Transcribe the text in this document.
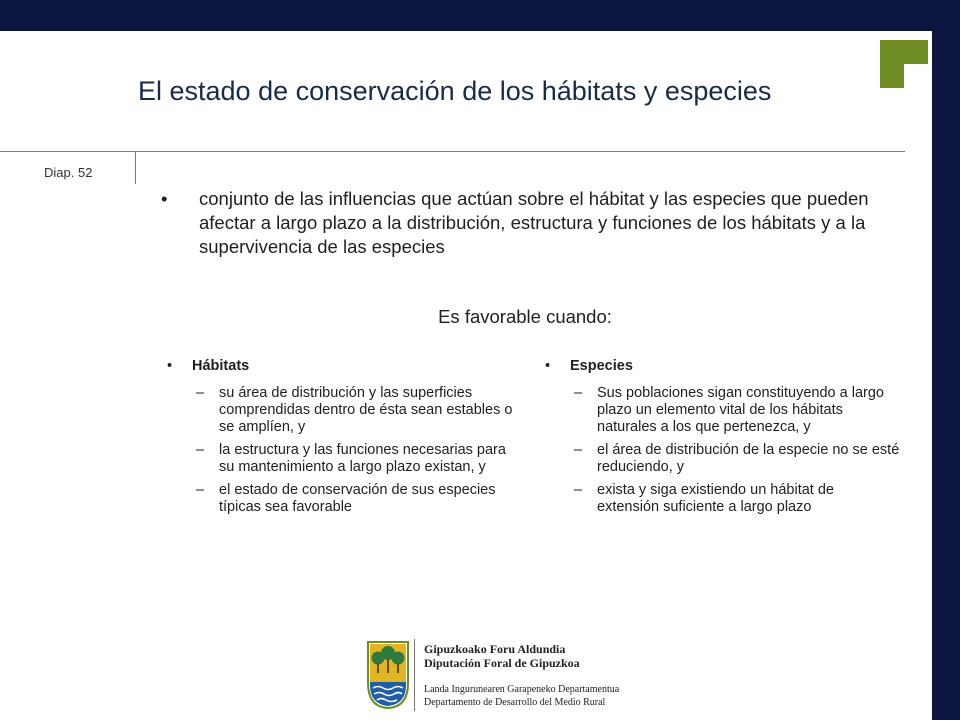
El estado de conservación de los hábitats y especies
Diap. 52
•	conjunto de las influencias que actúan sobre el hábitat y las especies que pueden afectar a largo plazo a la distribución, estructura y funciones de los hábitats y a la supervivencia de las especies
Es favorable cuando:
• Hábitats
– su área de distribución y las superficies comprendidas dentro de ésta sean estables o se amplíen, y
– la estructura y las funciones necesarias para su mantenimiento a largo plazo existan, y
– el estado de conservación de sus especies típicas sea favorable
• Especies
– Sus poblaciones sigan constituyendo a largo plazo un elemento vital de los hábitats naturales a los que pertenezca, y
– el área de distribución de la especie no se esté reduciendo, y
– exista y siga existiendo un hábitat de extensión suficiente a largo plazo
Gipuzkoako Foru Aldundia
Diputación Foral de Gipuzkoa
Landa Ingurunearen Garapeneko Departamentua
Departamento de Desarrollo del Medio Rural
